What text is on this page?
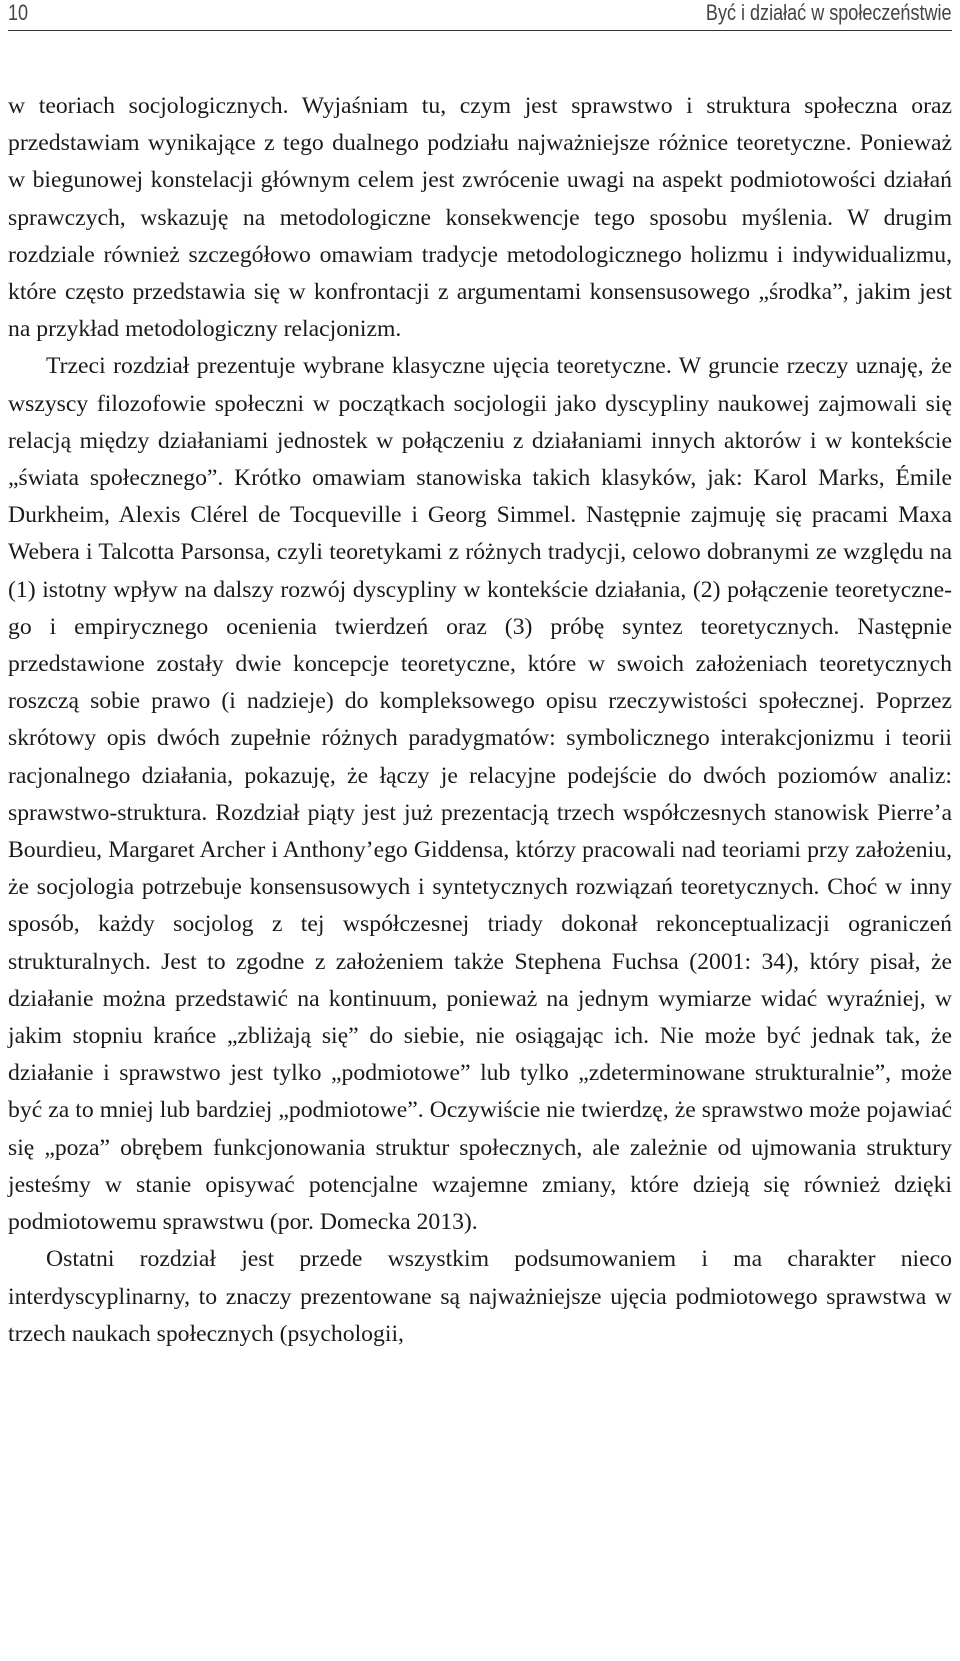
10	Być i działać w społeczeństwie

w teoriach socjologicznych. Wyjaśniam tu, czym jest sprawstwo i struktura społeczna oraz przedstawiam wynikające z tego dualnego podziału najważniejsze różnice teoretyczne. Ponieważ w biegunowej konstelacji głównym celem jest zwrócenie uwagi na aspekt podmiotowości działań sprawczych, wskazuję na metodologiczne konsekwencje tego sposobu myślenia. W drugim rozdziale również szczegółowo omawiam tradycje metodologicznego holizmu i indywidualizmu, które często przedstawia się w konfrontacji z argumentami konsensusowego „środka”, jakim jest na przykład metodologiczny relacjonizm.

Trzeci rozdział prezentuje wybrane klasyczne ujęcia teoretyczne. W gruncie rzeczy uznaję, że wszyscy filozofowie społeczni w początkach socjologii jako dyscypliny naukowej zajmowali się relacją między działaniami jednostek w połączeniu z działaniami innych aktorów i w kontekście „świata społecznego”. Krótko omawiam stanowiska takich klasyków, jak: Karol Marks, Émile Durkheim, Alexis Clérel de Tocqueville i Georg Simmel. Następnie zajmuję się pracami Maxa Webera i Talcotta Parsonsa, czyli teoretykami z różnych tradycji, celowo dobranymi ze względu na (1) istotny wpływ na dalszy rozwój dyscypliny w kontekście działania, (2) połączenie teoretycznego i empirycznego ocenienia twierdzeń oraz (3) próbę syntez teoretycznych. Następnie przedstawione zostały dwie koncepcje teoretyczne, które w swoich założeniach teoretycznych roszczą sobie prawo (i nadzieje) do kompleksowego opisu rzeczywistości społecznej. Poprzez skrótowy opis dwóch zupełnie różnych paradygmatów: symbolicznego interakcjonizmu i teorii racjonalnego działania, pokazuję, że łączy je relacyjne podejście do dwóch poziomów analiz: sprawstwo-struktura. Rozdział piąty jest już prezentacją trzech współczesnych stanowisk Pierre’a Bourdieu, Margaret Archer i Anthony’ego Giddensa, którzy pracowali nad teoriami przy założeniu, że socjologia potrzebuje konsensusowych i syntetycznych rozwiązań teoretycznych. Choć w inny sposób, każdy socjolog z tej współczesnej triady dokonał rekonceptualizacji ograniczeń strukturalnych. Jest to zgodne z założeniem także Stephena Fuchsa (2001: 34), który pisał, że działanie można przedstawić na kontinuum, ponieważ na jednym wymiarze widać wyraźniej, w jakim stopniu krańce „zbliżają się” do siebie, nie osiągając ich. Nie może być jednak tak, że działanie i sprawstwo jest tylko „podmiotowe” lub tylko „zdeterminowane strukturalnie”, może być za to mniej lub bardziej „podmiotowe”. Oczywiście nie twierdzę, że sprawstwo może pojawiać się „poza” obrębem funkcjonowania struktur społecznych, ale zależnie od ujmowania struktury jesteśmy w stanie opisywać potencjalne wzajemne zmiany, które dzieją się również dzięki podmiotowemu sprawstwu (por. Domecka 2013).

Ostatni rozdział jest przede wszystkim podsumowaniem i ma charakter nieco interdyscyplinarny, to znaczy prezentowane są najważniejsze ujęcia podmiotowego sprawstwa w trzech naukach społecznych (psychologii,
